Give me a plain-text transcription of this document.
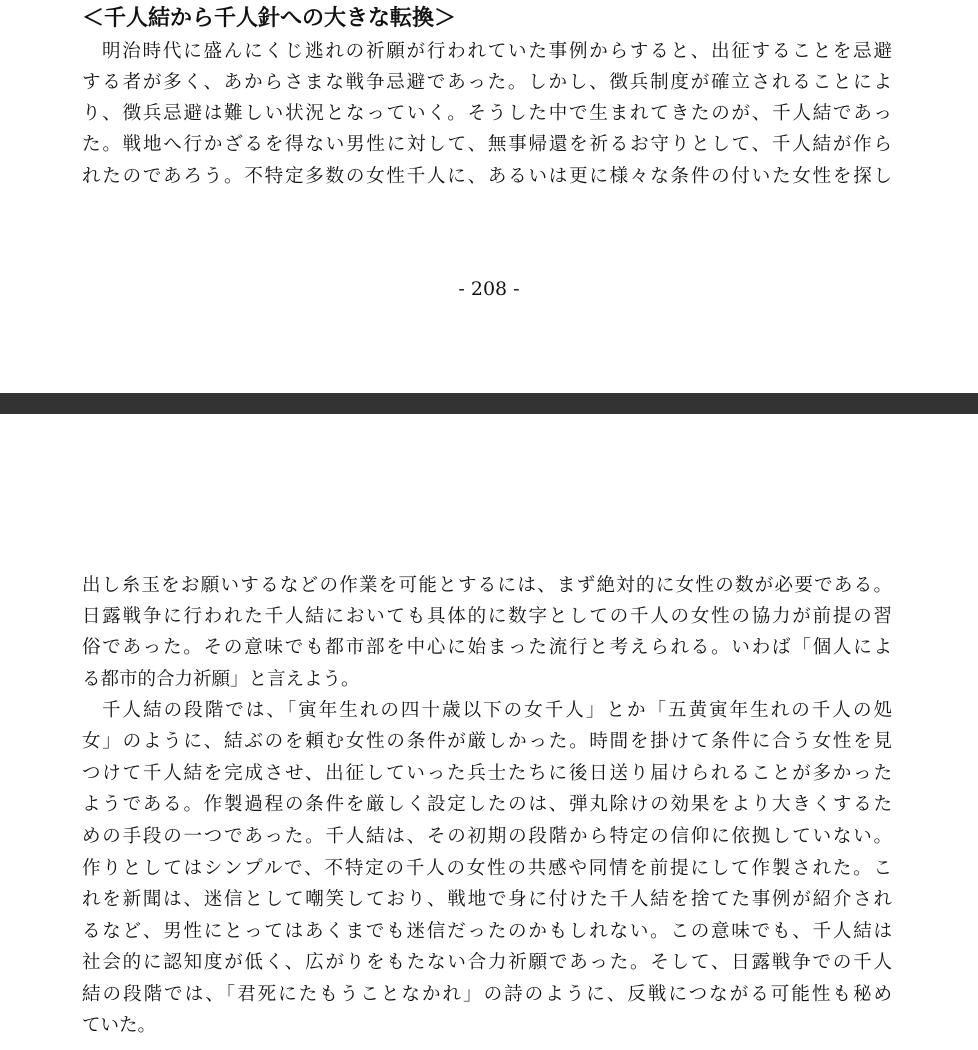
＜千人結から千人針への大きな転換＞
明治時代に盛んにくじ逃れの祈願が行われていた事例からすると、出征することを忌避
する者が多く、あからさまな戦争忌避であった。しかし、徴兵制度が確立されることによ
り、徴兵忌避は難しい状況となっていく。そうした中で生まれてきたのが、千人結であっ
た。戦地へ行かざるを得ない男性に対して、無事帰還を祈るお守りとして、千人結が作ら
れたのであろう。不特定多数の女性千人に、あるいは更に様々な条件の付いた女性を探し
- 208 -
出し糸玉をお願いするなどの作業を可能とするには、まず絶対的に女性の数が必要である。
日露戦争に行われた千人結においても具体的に数字としての千人の女性の協力が前提の習
俗であった。その意味でも都市部を中心に始まった流行と考えられる。いわば「個人によ
る都市的合力祈願」と言えよう。
千人結の段階では、「寅年生れの四十歳以下の女千人」とか「五黄寅年生れの千人の処
女」のように、結ぶのを頼む女性の条件が厳しかった。時間を掛けて条件に合う女性を見
つけて千人結を完成させ、出征していった兵士たちに後日送り届けられることが多かった
ようである。作製過程の条件を厳しく設定したのは、弾丸除けの効果をより大きくするた
めの手段の一つであった。千人結は、その初期の段階から特定の信仰に依拠していない。
作りとしてはシンプルで、不特定の千人の女性の共感や同情を前提にして作製された。こ
れを新聞は、迷信として嘲笑しており、戦地で身に付けた千人結を捨てた事例が紹介され
るなど、男性にとってはあくまでも迷信だったのかもしれない。この意味でも、千人結は
社会的に認知度が低く、広がりをもたない合力祈願であった。そして、日露戦争での千人
結の段階では、「君死にたもうことなかれ」の詩のように、反戦につながる可能性も秘め
ていた。
